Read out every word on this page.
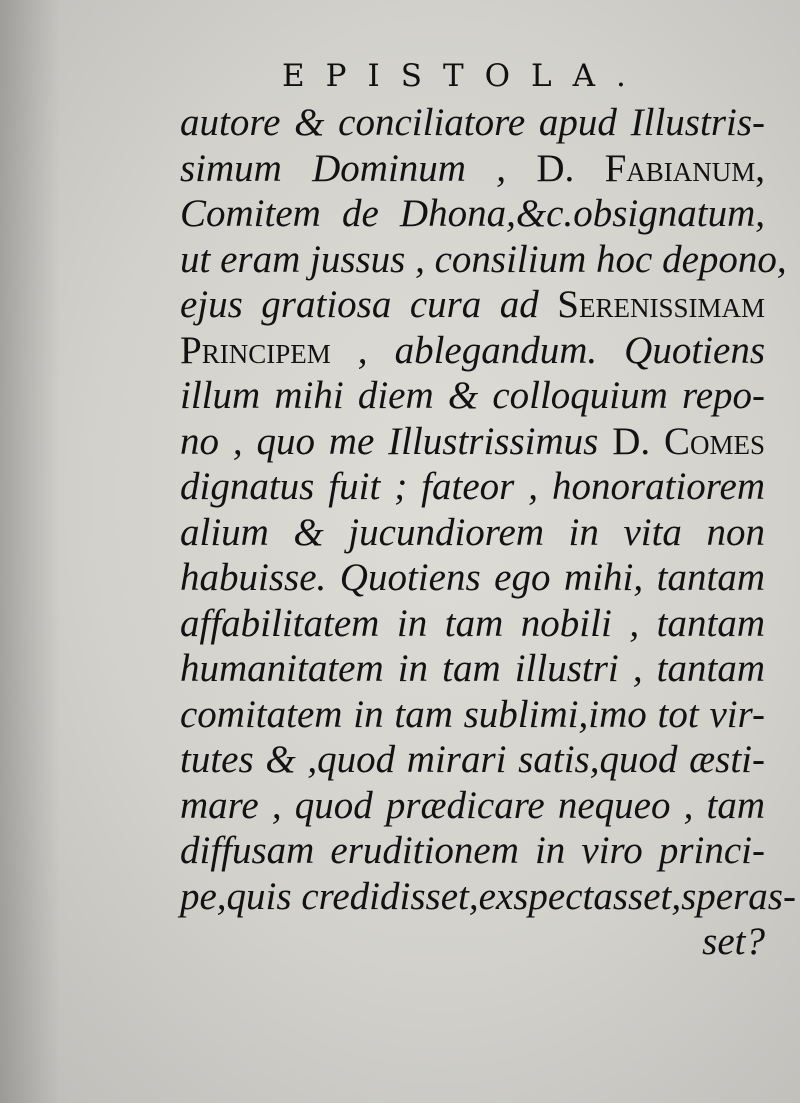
EPISTOLA.
autore & conciliatore apud Illustris-
simum Dominum , D. Fabianum,
Comitem de Dhona,&c.obsignatum,
ut eram jussus , consilium hoc depono,
ejus gratiosa cura ad Serenissimam
Principem , ablegandum. Quotiens
illum mihi diem & colloquium repo-
no , quo me Illustrissimus D. Comes
dignatus fuit ; fateor , honoratiorem
alium & jucundiorem in vita non
habuisse. Quotiens ego mihi, tantam
affabilitatem in tam nobili , tantam
humanitatem in tam illustri , tantam
comitatem in tam sublimi,imo tot vir-
tutes & ,quod mirari satis,quod æsti-
mare , quod prædicare nequeo , tam
diffusam eruditionem in viro princi-
pe,quis credidisset,exspectasset,speras-
set?
